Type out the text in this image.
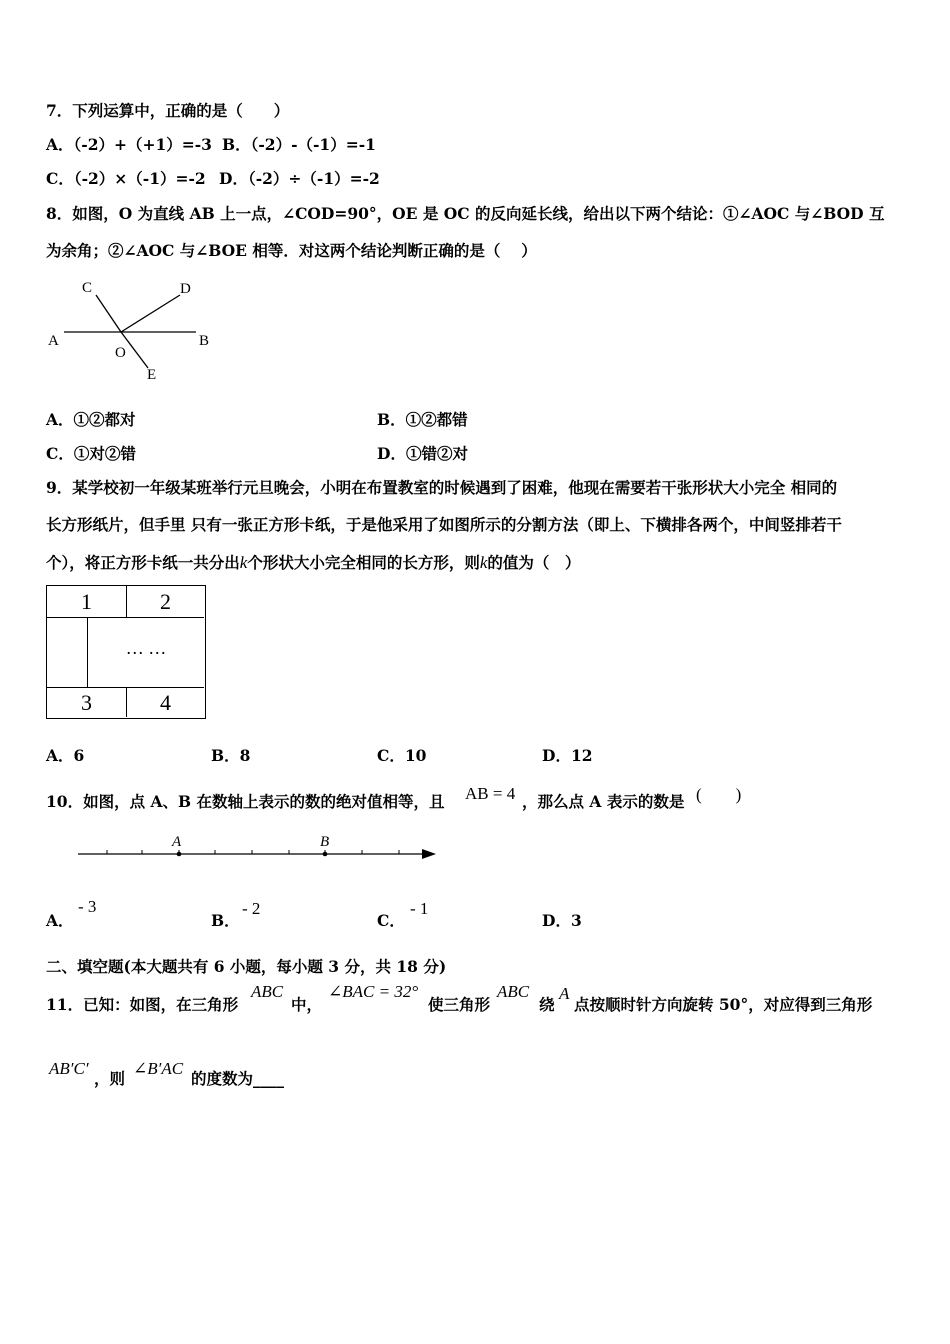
7．下列运算中，正确的是（　　）
A．（-2）+（+1）=-3 B．（-2）-（-1）=-1
C．（-2）×（-1）=-2 D．（-2）÷（-1）=-2
8．如图，O 为直线 AB 上一点，∠COD=90°，OE 是 OC 的反向延长线，给出以下两个结论：①∠AOC 与∠BOD 互
为余角；②∠AOC 与∠BOE 相等．对这两个结论判断正确的是（　 ）
A	B
C	D
O
E
A．①②都对	B．①②都错
C．①对②错	D．①错②对
9．某学校初一年级某班举行元旦晚会，小明在布置教室的时候遇到了困难，他现在需要若干张形状大小完全 相同的
长方形纸片，但手里 只有一张正方形卡纸，于是他采用了如图所示的分割方法（即上、下横排各两个，中间竖排若干
个），将正方形卡纸一共分出k个形状大小完全相同的长方形，则k的值为（　）
1	2
… …
3	4
A．6	B．8	C．10	D．12
10．如图，点 A、B 在数轴上表示的数的绝对值相等，且 AB = 4 ，那么点 A 表示的数是 (　　)
A	B
A．
- 3
B．
- 2
C．
- 1
D．3
二、填空题(本大题共有 6 小题，每小题 3 分，共 18 分)
11．已知：如图，在三角形
ABC
中，
∠BAC = 32°
使三角形
ABC
绕
A
点按顺时针方向旋转 50°，对应得到三角形
AB′C′
，则
∠B′AC
的度数为____
